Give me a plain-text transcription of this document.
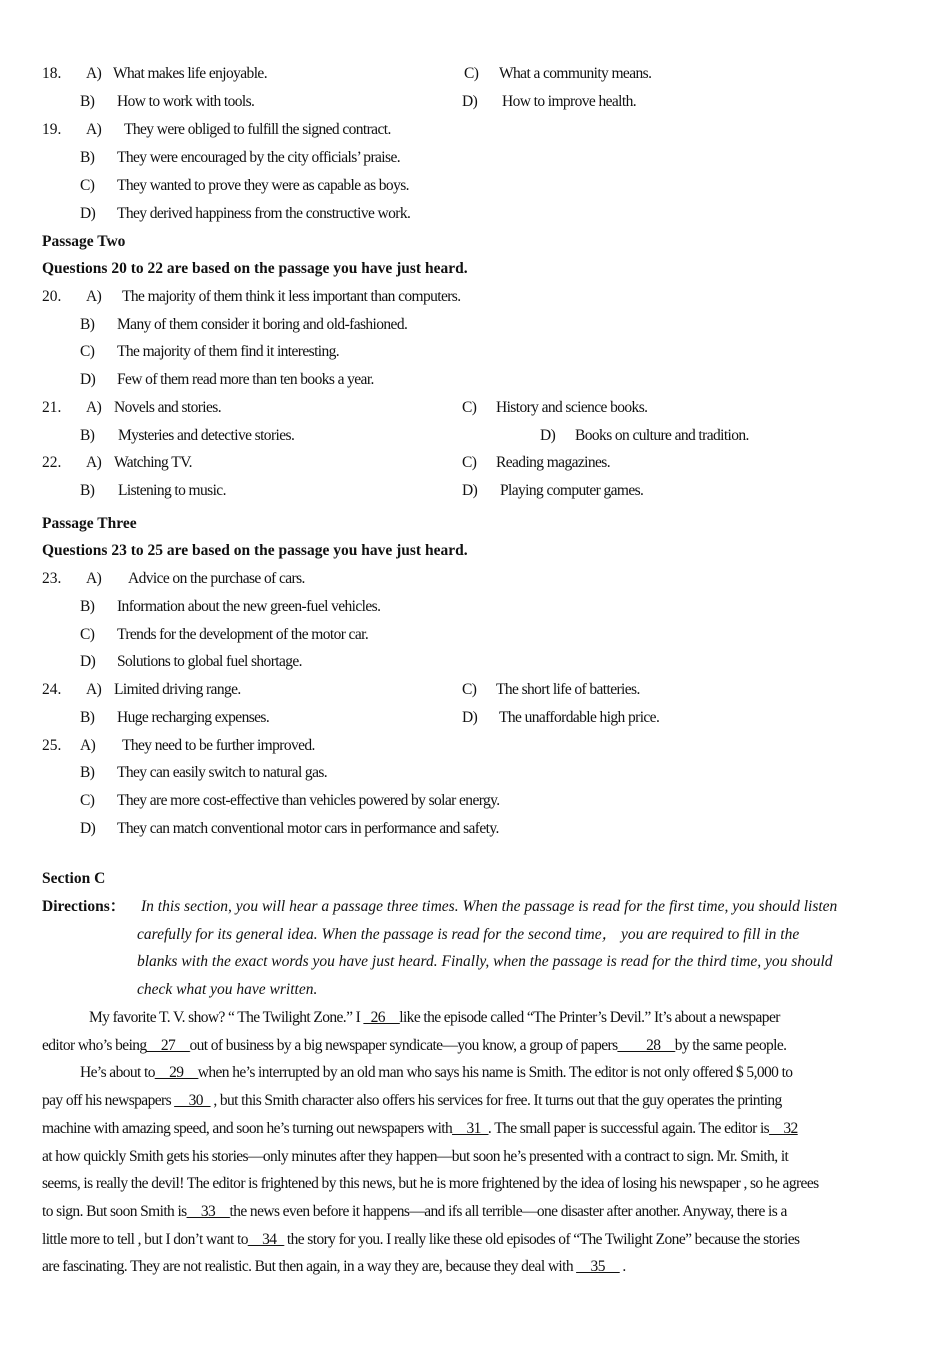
18. A) What makes life enjoyable.	C) What a community means.
B) How to work with tools.	D) How to improve health.
19. A) They were obliged to fulfill the signed contract.
B) They were encouraged by the city officials’ praise.
C) They wanted to prove they were as capable as boys.
D) They derived happiness from the constructive work.
Passage Two
Questions 20 to 22 are based on the passage you have just heard.
20. A) The majority of them think it less important than computers.
B) Many of them consider it boring and old-fashioned.
C) The majority of them find it interesting.
D) Few of them read more than ten books a year.
21. A) Novels and stories.	C) History and science books.
B) Mysteries and detective stories.	D) Books on culture and tradition.
22. A) Watching TV.	C) Reading magazines.
B) Listening to music.	D) Playing computer games.
Passage Three
Questions 23 to 25 are based on the passage you have just heard.
23. A) Advice on the purchase of cars.
B) Information about the new green-fuel vehicles.
C) Trends for the development of the motor car.
D) Solutions to global fuel shortage.
24. A) Limited driving range.	C) The short life of batteries.
B) Huge recharging expenses.	D) The unaffordable high price.
25. A) They need to be further improved.
B) They can easily switch to natural gas.
C) They are more cost-effective than vehicles powered by solar energy.
D) They can match conventional motor cars in performance and safety.
Section C
Directions： In this section, you will hear a passage three times. When the passage is read for the first time, you should listen
carefully for its general idea. When the passage is read for the second time， you are required to fill in the
blanks with the exact words you have just heard. Finally, when the passage is read for the third time, you should
check what you have written.
My favorite T. V. show? “ The Twilight Zone.” I _26__like the episode called “The Printer’s Devil.” It’s about a newspaper
editor who’s being__27__out of business by a big newspaper syndicate—you know, a group of papers____28__by the same people.
He’s about to__29__when he’s interrupted by an old man who says his name is Smith. The editor is not only offered $ 5,000 to
pay off his newspapers __30_ , but this Smith character also offers his services for free. It turns out that the guy operates the printing
machine with amazing speed, and soon he’s turning out newspapers with__31_. The small paper is successful again. The editor is__32
at how quickly Smith gets his stories—only minutes after they happen—but soon he’s presented with a contract to sign. Mr. Smith, it
seems, is really the devil! The editor is frightened by this news, but he is more frightened by the idea of losing his newspaper , so he agrees
to sign. But soon Smith is__33__the news even before it happens—and ifs all terrible—one disaster after another. Anyway, there is a
little more to tell , but I don’t want to__34_ the story for you. I really like these old episodes of “The Twilight Zone” because the stories
are fascinating. They are not realistic. But then again, in a way they are, because they deal with __35__ .
